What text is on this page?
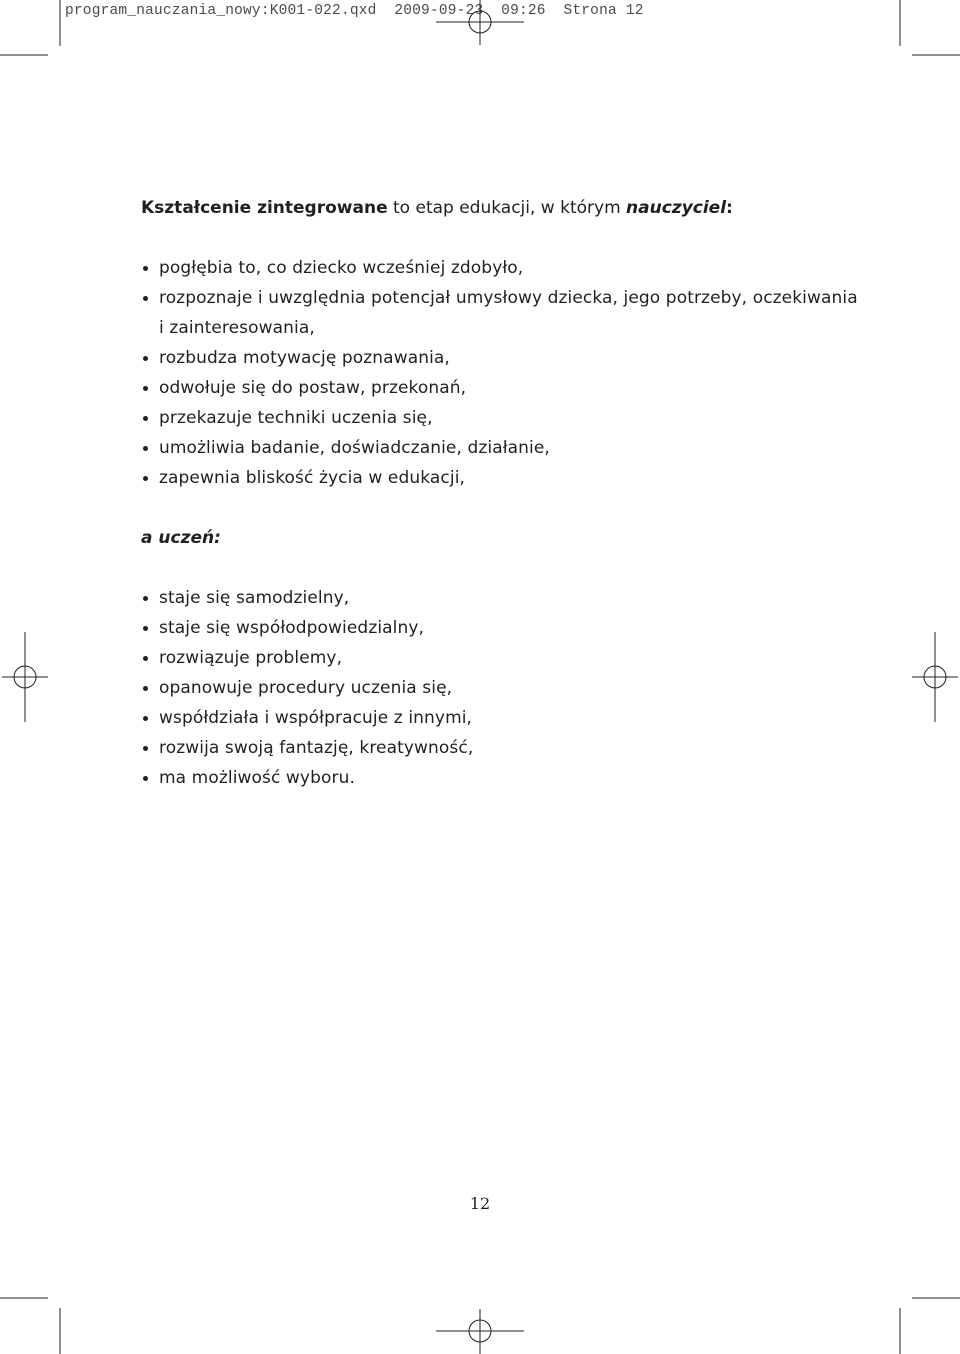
program_nauczania_nowy:K001-022.qxd  2009-09-23  09:26  Strona 12

Kształcenie zintegrowane to etap edukacji, w którym nauczyciel:

pogłębia to, co dziecko wcześniej zdobyło,
rozpoznaje i uwzględnia potencjał umysłowy dziecka, jego potrzeby, oczekiwania i zainteresowania,
rozbudza motywację poznawania,
odwołuje się do postaw, przekonań,
przekazuje techniki uczenia się,
umożliwia badanie, doświadczanie, działanie,
zapewnia bliskość życia w edukacji,
a uczeń:
staje się samodzielny,
staje się współodpowiedzialny,
rozwiązuje problemy,
opanowuje procedury uczenia się,
współdziała i współpracuje z innymi,
rozwija swoją fantazję, kreatywność,
ma możliwość wyboru.
12
